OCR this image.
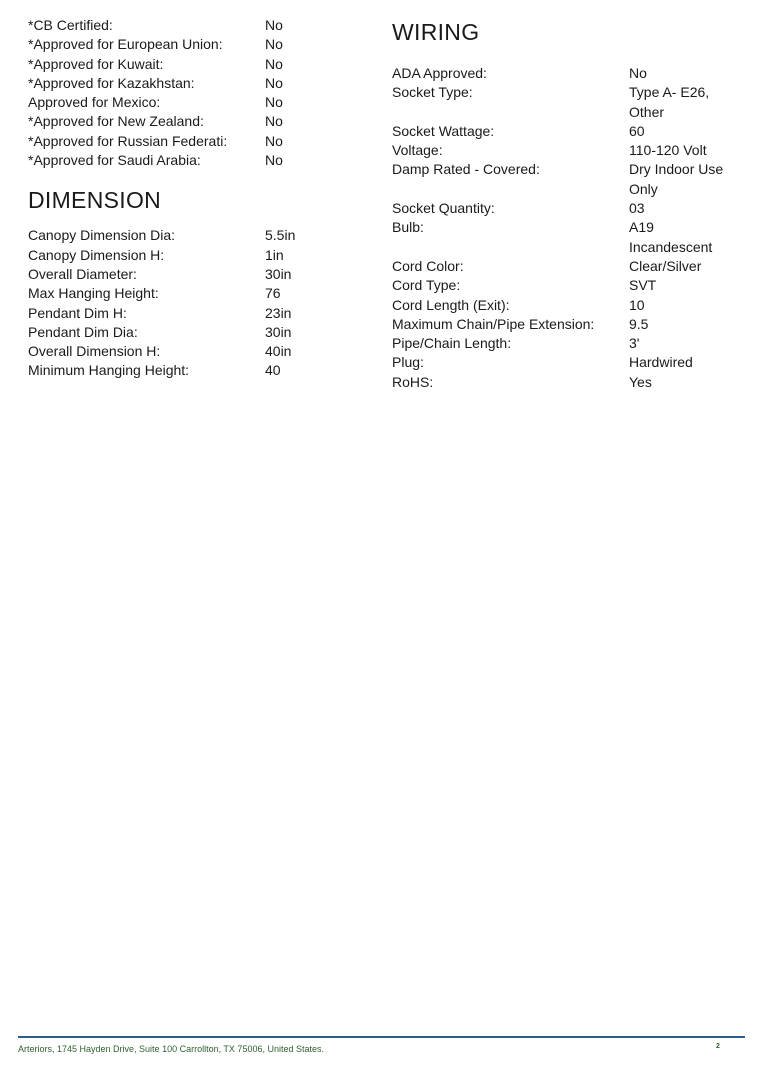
*CB Certified:	No
*Approved for European Union:	No
*Approved for Kuwait:	No
*Approved for Kazakhstan:	No
Approved for Mexico:	No
*Approved for New Zealand:	No
*Approved for Russian Federati:	No
*Approved for Saudi Arabia:	No
DIMENSION
Canopy Dimension Dia:	5.5in
Canopy Dimension H:	1in
Overall Diameter:	30in
Max Hanging Height:	76
Pendant Dim H:	23in
Pendant Dim Dia:	30in
Overall Dimension H:	40in
Minimum Hanging Height:	40
WIRING
ADA Approved:	No
Socket Type:	Type A- E26, Other
Socket Wattage:	60
Voltage:	110-120 Volt
Damp Rated - Covered:	Dry Indoor Use Only
Socket Quantity:	03
Bulb:	A19 Incandescent
Cord Color:	Clear/Silver
Cord Type:	SVT
Cord Length (Exit):	10
Maximum Chain/Pipe Extension:	9.5
Pipe/Chain Length:	3'
Plug:	Hardwired
RoHS:	Yes
Arteriors, 1745 Hayden Drive, Suite 100 Carrollton, TX 75006, United States.	2
